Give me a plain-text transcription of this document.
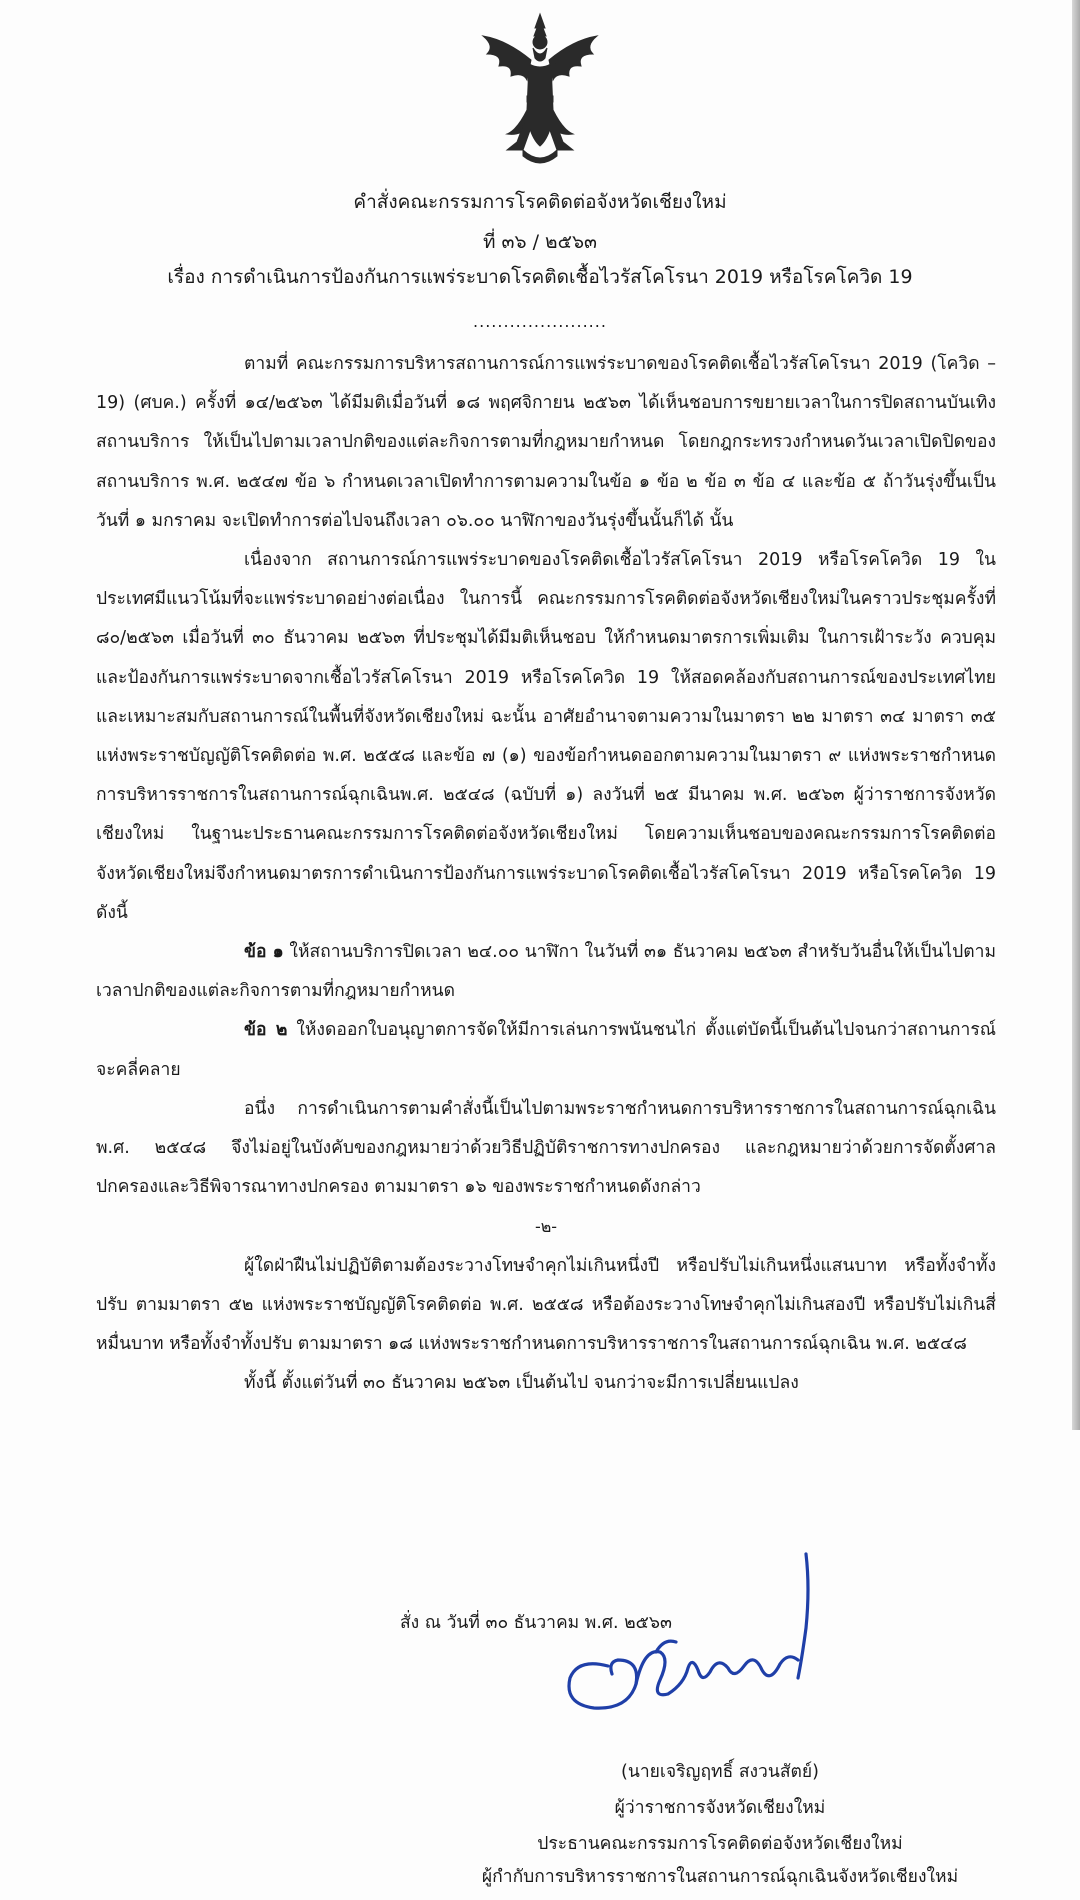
คำสั่งคณะกรรมการโรคติดต่อจังหวัดเชียงใหม่
ที่ ๓๖ / ๒๕๖๓
เรื่อง การดำเนินการป้องกันการแพร่ระบาดโรคติดเชื้อไวรัสโคโรนา 2019 หรือโรคโควิด 19
......................

ตามที่ คณะกรรมการบริหารสถานการณ์การแพร่ระบาดของโรคติดเชื้อไวรัสโคโรนา 2019 (โควิด – 19) (ศบค.) ครั้งที่ ๑๔/๒๕๖๓ ได้มีมติเมื่อวันที่ ๑๘ พฤศจิกายน ๒๕๖๓ ได้เห็นชอบการขยายเวลาในการปิดสถานบันเทิง สถานบริการ ให้เป็นไปตามเวลาปกติของแต่ละกิจการตามที่กฎหมายกำหนด โดยกฎกระทรวงกำหนดวันเวลาเปิดปิดของสถานบริการ พ.ศ. ๒๕๔๗ ข้อ ๖ กำหนดเวลาเปิดทำการตามความในข้อ ๑ ข้อ ๒ ข้อ ๓ ข้อ ๔ และข้อ ๕ ถ้าวันรุ่งขึ้นเป็นวันที่ ๑ มกราคม จะเปิดทำการต่อไปจนถึงเวลา ๐๖.๐๐ นาฬิกาของวันรุ่งขึ้นนั้นก็ได้ นั้น

เนื่องจาก สถานการณ์การแพร่ระบาดของโรคติดเชื้อไวรัสโคโรนา 2019 หรือโรคโควิด 19 ในประเทศมีแนวโน้มที่จะแพร่ระบาดอย่างต่อเนื่อง ในการนี้ คณะกรรมการโรคติดต่อจังหวัดเชียงใหม่ในคราวประชุมครั้งที่ ๘๐/๒๕๖๓ เมื่อวันที่ ๓๐ ธันวาคม ๒๕๖๓ ที่ประชุมได้มีมติเห็นชอบ ให้กำหนดมาตรการเพิ่มเติม ในการเฝ้าระวัง ควบคุม และป้องกันการแพร่ระบาดจากเชื้อไวรัสโคโรนา 2019 หรือโรคโควิด 19 ให้สอดคล้องกับสถานการณ์ของประเทศไทย และเหมาะสมกับสถานการณ์ในพื้นที่จังหวัดเชียงใหม่ ฉะนั้น อาศัยอำนาจตามความในมาตรา ๒๒ มาตรา ๓๔ มาตรา ๓๕ แห่งพระราชบัญญัติโรคติดต่อ พ.ศ. ๒๕๕๘ และข้อ ๗ (๑) ของข้อกำหนดออกตามความในมาตรา ๙ แห่งพระราชกำหนด การบริหารราชการในสถานการณ์ฉุกเฉินพ.ศ. ๒๕๔๘ (ฉบับที่ ๑) ลงวันที่ ๒๕ มีนาคม พ.ศ. ๒๕๖๓ ผู้ว่าราชการจังหวัดเชียงใหม่ ในฐานะประธานคณะกรรมการโรคติดต่อจังหวัดเชียงใหม่ โดยความเห็นชอบของคณะกรรมการโรคติดต่อจังหวัดเชียงใหม่จึงกำหนดมาตรการดำเนินการป้องกันการแพร่ระบาดโรคติดเชื้อไวรัสโคโรนา 2019 หรือโรคโควิด 19 ดังนี้

ข้อ ๑ ให้สถานบริการปิดเวลา ๒๔.๐๐ นาฬิกา ในวันที่ ๓๑ ธันวาคม ๒๕๖๓ สำหรับวันอื่นให้เป็นไปตามเวลาปกติของแต่ละกิจการตามที่กฎหมายกำหนด

ข้อ ๒ ให้งดออกใบอนุญาตการจัดให้มีการเล่นการพนันชนไก่ ตั้งแต่บัดนี้เป็นต้นไปจนกว่าสถานการณ์จะคลี่คลาย

อนึ่ง การดำเนินการตามคำสั่งนี้เป็นไปตามพระราชกำหนดการบริหารราชการในสถานการณ์ฉุกเฉิน พ.ศ. ๒๕๔๘ จึงไม่อยู่ในบังคับของกฎหมายว่าด้วยวิธีปฏิบัติราชการทางปกครอง และกฎหมายว่าด้วยการจัดตั้งศาลปกครองและวิธีพิจารณาทางปกครอง ตามมาตรา ๑๖ ของพระราชกำหนดดังกล่าว

-๒-

ผู้ใดฝ่าฝืนไม่ปฏิบัติตามต้องระวางโทษจำคุกไม่เกินหนึ่งปี หรือปรับไม่เกินหนึ่งแสนบาท หรือทั้งจำทั้งปรับ ตามมาตรา ๕๒ แห่งพระราชบัญญัติโรคติดต่อ พ.ศ. ๒๕๕๘ หรือต้องระวางโทษจำคุกไม่เกินสองปี หรือปรับไม่เกินสี่หมื่นบาท หรือทั้งจำทั้งปรับ ตามมาตรา ๑๘ แห่งพระราชกำหนดการบริหารราชการในสถานการณ์ฉุกเฉิน พ.ศ. ๒๕๔๘

ทั้งนี้ ตั้งแต่วันที่ ๓๐ ธันวาคม ๒๕๖๓ เป็นต้นไป จนกว่าจะมีการเปลี่ยนแปลง

สั่ง ณ วันที่ ๓๐ ธันวาคม พ.ศ. ๒๕๖๓
(นายเจริญฤทธิ์ สงวนสัตย์)
ผู้ว่าราชการจังหวัดเชียงใหม่
ประธานคณะกรรมการโรคติดต่อจังหวัดเชียงใหม่
ผู้กำกับการบริหารราชการในสถานการณ์ฉุกเฉินจังหวัดเชียงใหม่
